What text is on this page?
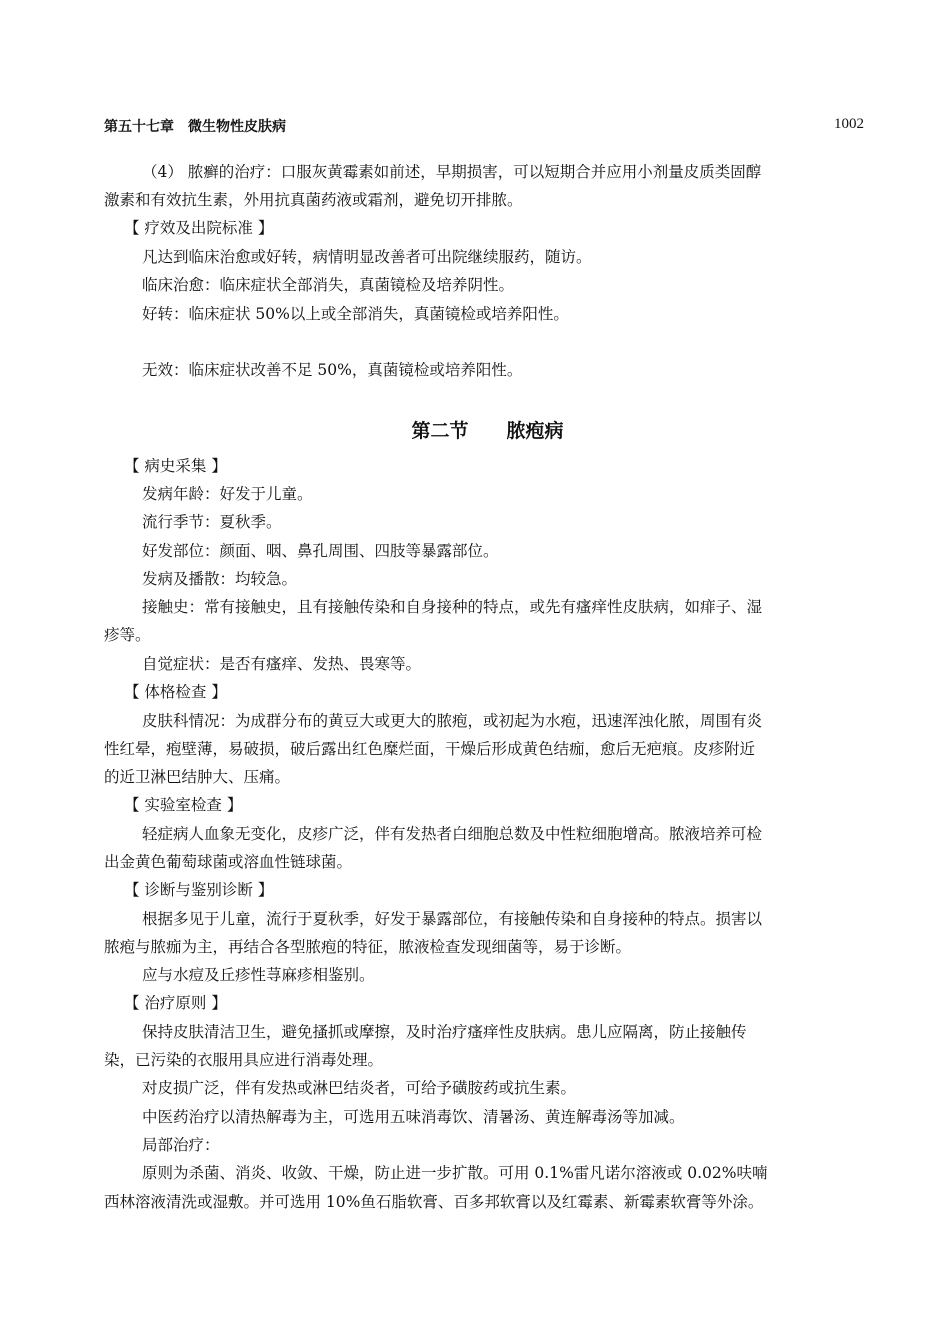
第五十七章　微生物性皮肤病	1002
（4） 脓癣的治疗：口服灰黄霉素如前述，早期损害，可以短期合并应用小剂量皮质类固醇
激素和有效抗生素，外用抗真菌药液或霜剂，避免切开排脓。
【 疗效及出院标准 】
凡达到临床治愈或好转，病情明显改善者可出院继续服药，随访。
临床治愈：临床症状全部消失，真菌镜检及培养阴性。
好转：临床症状 50%以上或全部消失，真菌镜检或培养阳性。
无效：临床症状改善不足 50%，真菌镜检或培养阳性。
第二节　　脓疱病
【 病史采集 】
发病年龄：好发于儿童。
流行季节：夏秋季。
好发部位：颜面、咽、鼻孔周围、四肢等暴露部位。
发病及播散：均较急。
接触史：常有接触史，且有接触传染和自身接种的特点，或先有瘙痒性皮肤病，如痱子、湿
疹等。
自觉症状：是否有瘙痒、发热、畏寒等。
【 体格检查 】
皮肤科情况：为成群分布的黄豆大或更大的脓疱，或初起为水疱，迅速浑浊化脓，周围有炎
性红晕，疱壁薄，易破损，破后露出红色糜烂面，干燥后形成黄色结痂，愈后无疤痕。皮疹附近
的近卫淋巴结肿大、压痛。
【 实验室检查 】
轻症病人血象无变化，皮疹广泛，伴有发热者白细胞总数及中性粒细胞增高。脓液培养可检
出金黄色葡萄球菌或溶血性链球菌。
【 诊断与鉴别诊断 】
根据多见于儿童，流行于夏秋季，好发于暴露部位，有接触传染和自身接种的特点。损害以
脓疱与脓痂为主，再结合各型脓疱的特征，脓液检查发现细菌等，易于诊断。
应与水痘及丘疹性荨麻疹相鉴别。
【 治疗原则 】
保持皮肤清洁卫生，避免搔抓或摩擦，及时治疗瘙痒性皮肤病。患儿应隔离，防止接触传
染，已污染的衣服用具应进行消毒处理。
对皮损广泛，伴有发热或淋巴结炎者，可给予磺胺药或抗生素。
中医药治疗以清热解毒为主，可选用五味消毒饮、清暑汤、黄连解毒汤等加减。
局部治疗：
原则为杀菌、消炎、收敛、干燥，防止进一步扩散。可用 0.1%雷凡诺尔溶液或 0.02%呋喃
西林溶液清洗或湿敷。并可选用 10%鱼石脂软膏、百多邦软膏以及红霉素、新霉素软膏等外涂。
